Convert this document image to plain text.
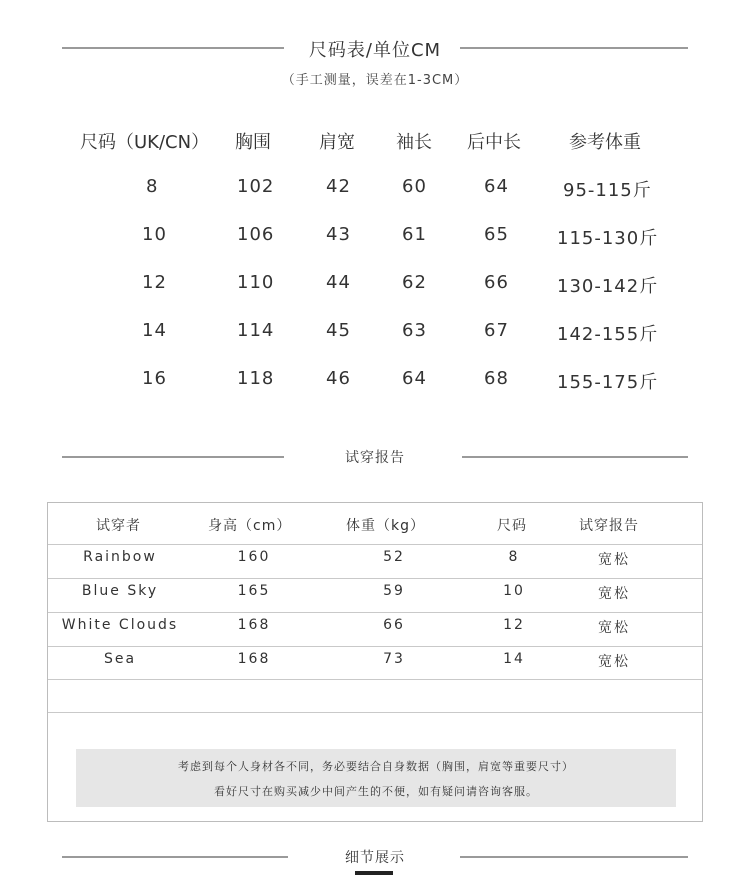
尺码表/单位CM
（手工测量，误差在1-3CM）
尺码（UK/CN） 胸围	肩宽 袖长 后中长	参考体重
8	102	42	60	64	95-115斤
10	106	43	61	65	115-130斤
12	110	44	62	66	130-142斤
14	114	45	63	67	142-155斤
16	118	46	64	68	155-175斤
试穿报告
试穿者	身高（cm）	体重（kg）	尺码	试穿报告
Rainbow	160	52	8	宽松
Blue Sky	165	59	10	宽松
White Clouds	168	66	12	宽松
Sea	168	73	14	宽松
考虑到每个人身材各不同，务必要结合自身数据（胸围，肩宽等重要尺寸）
看好尺寸在购买减少中间产生的不便，如有疑问请咨询客服。
细节展示
